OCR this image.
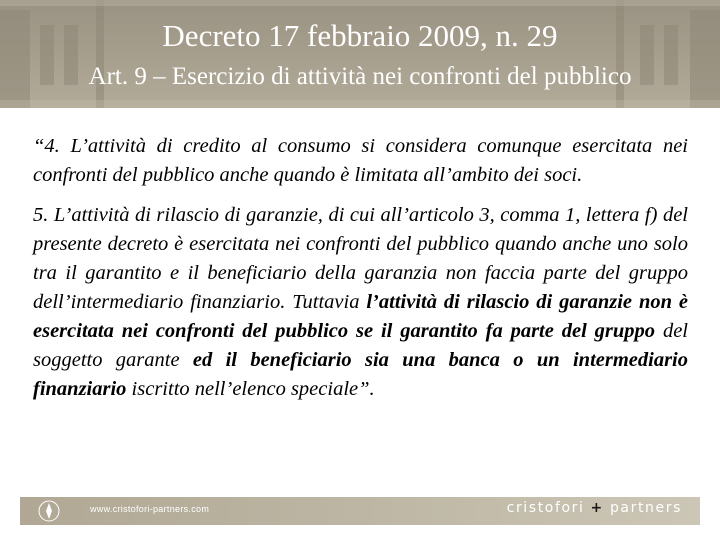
Decreto 17 febbraio 2009, n. 29
Art. 9 – Esercizio di attività nei confronti del pubblico

“4. L’attività di credito al consumo si considera comunque esercitata nei confronti del pubblico anche quando è limitata all’ambito dei soci.

5. L’attività di rilascio di garanzie, di cui all’articolo 3, comma 1, lettera f) del presente decreto è esercitata nei confronti del pubblico quando anche uno solo tra il garantito e il beneficiario della garanzia non faccia parte del gruppo dell’intermediario finanziario. Tuttavia l’attività di rilascio di garanzie non è esercitata nei confronti del pubblico se il garantito fa parte del gruppo del soggetto garante ed il beneficiario sia una banca o un intermediario finanziario iscritto nell’elenco speciale”.

www.cristofori-partners.com	cristofori + partners
